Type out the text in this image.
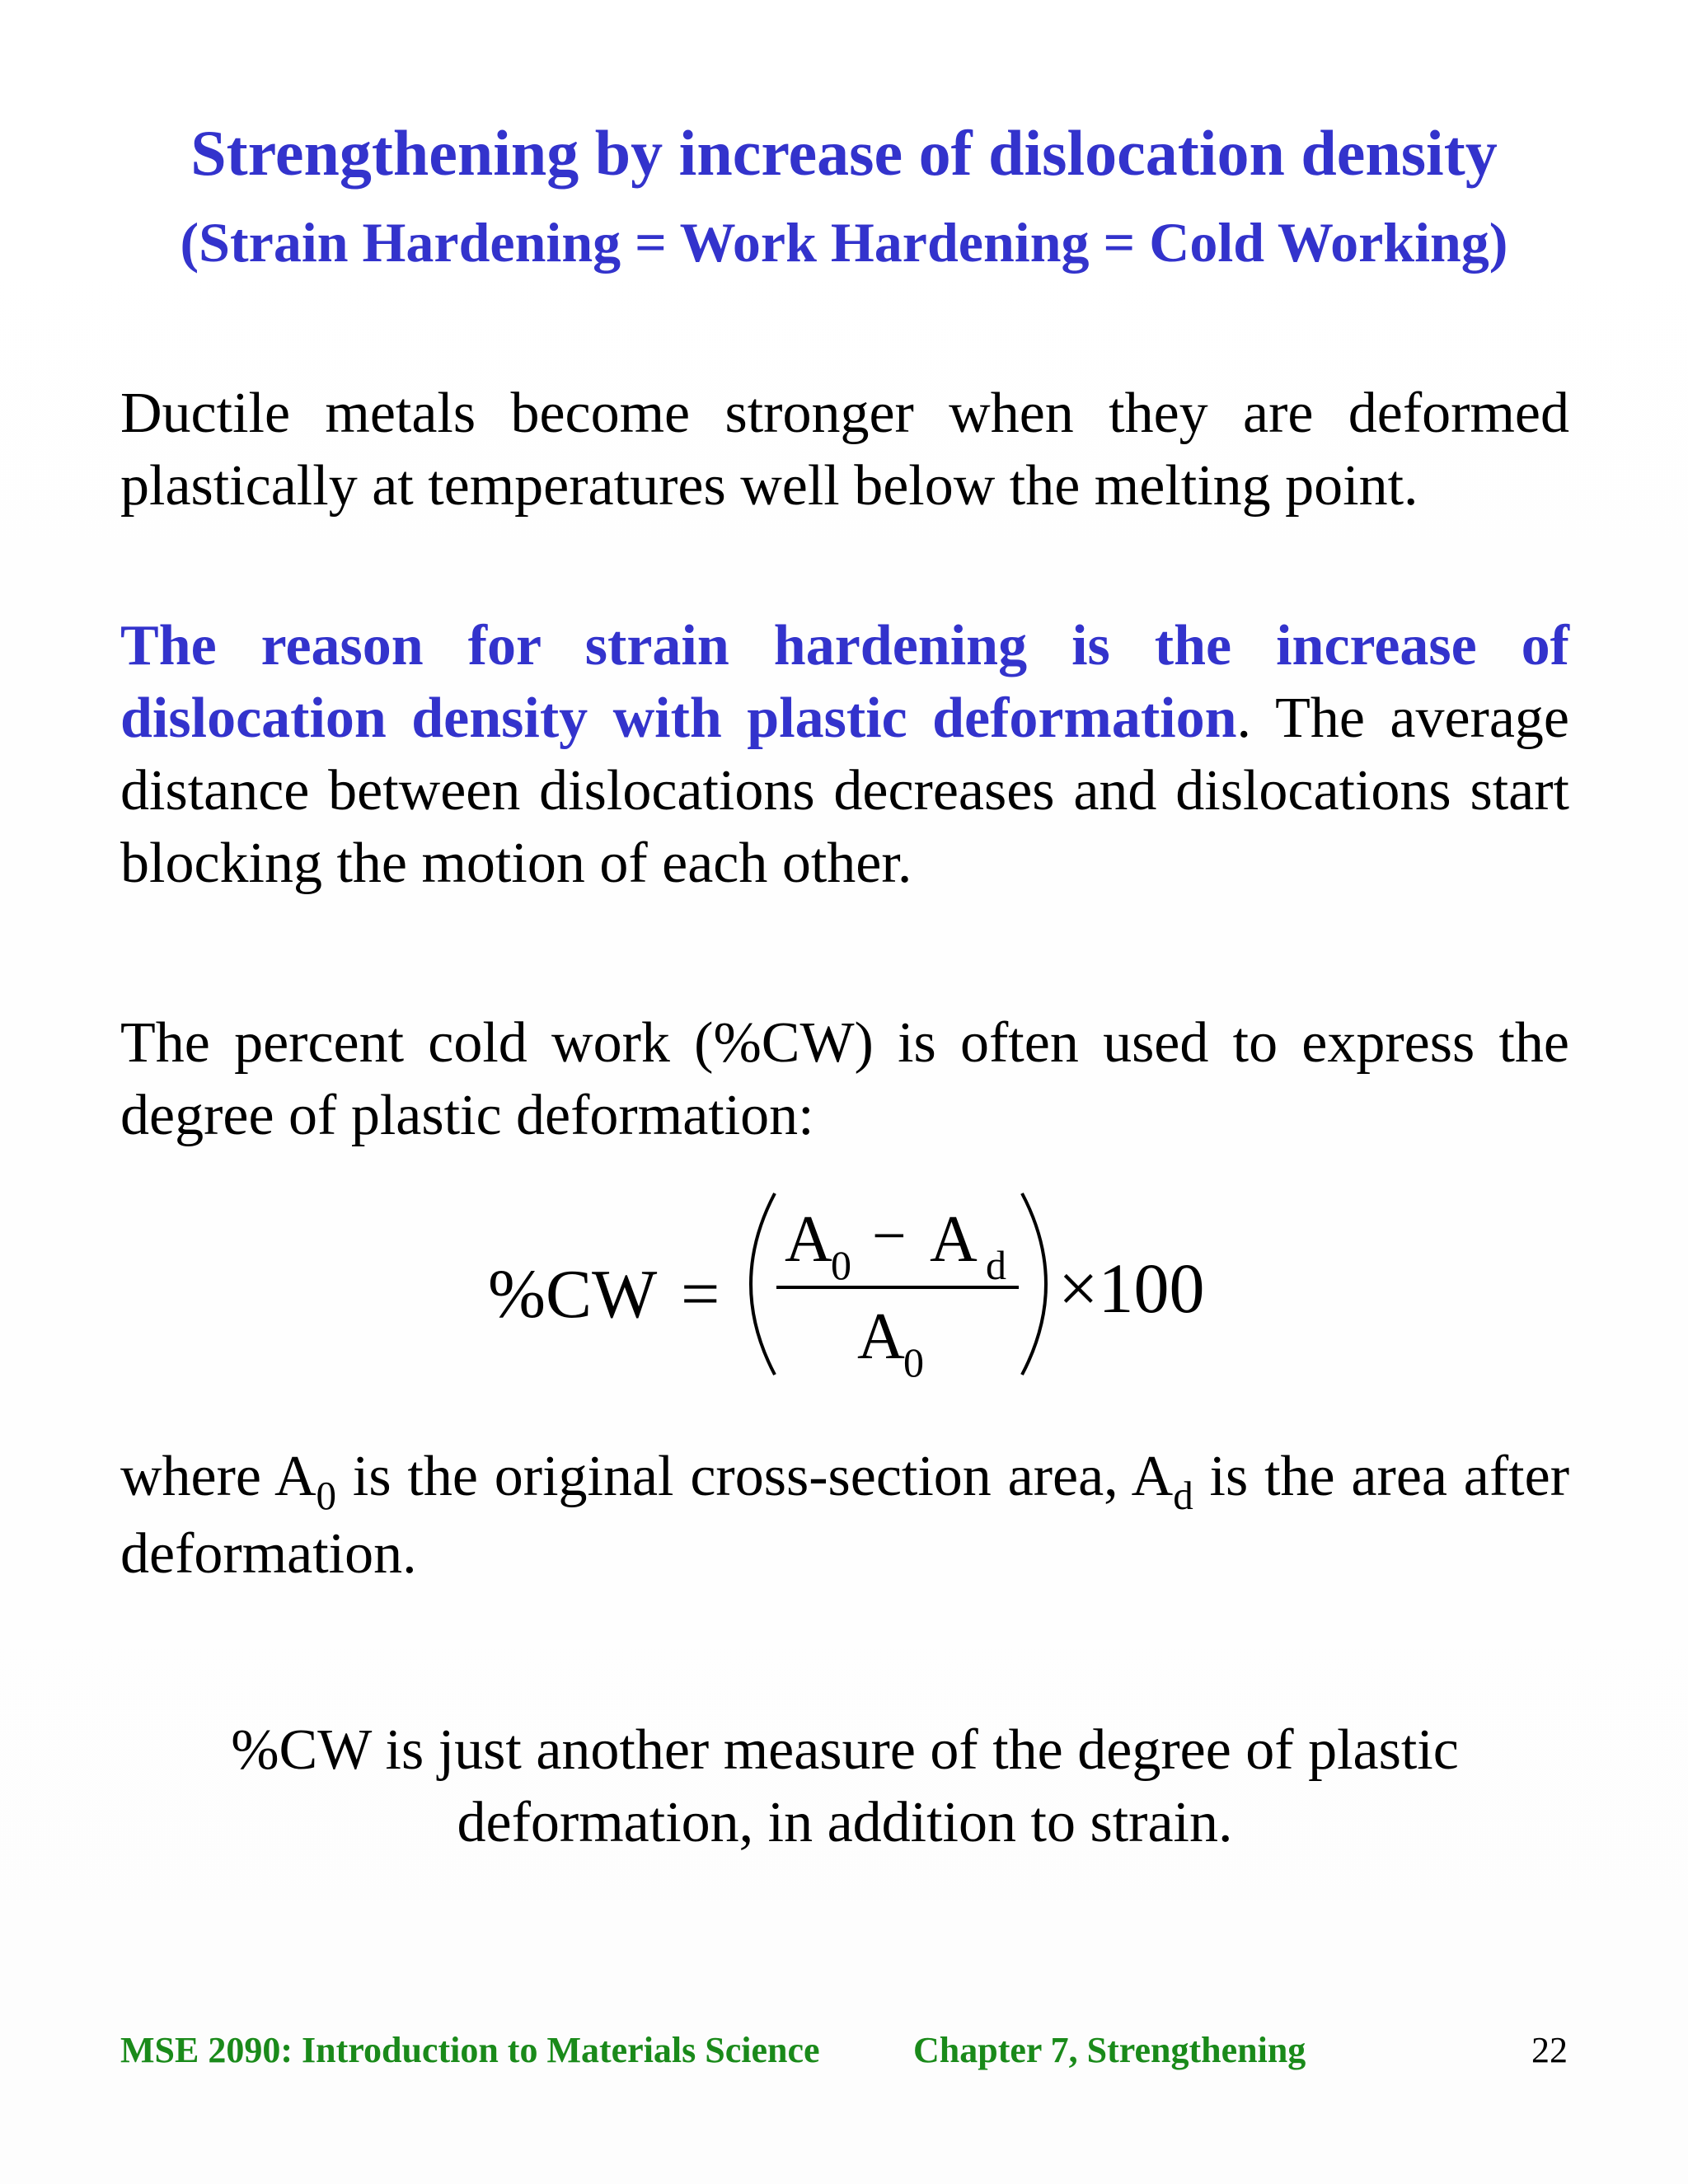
Strengthening by increase of dislocation density
(Strain Hardening = Work Hardening = Cold Working)
Ductile metals become stronger when they are deformed plastically at temperatures well below the melting point.
The reason for strain hardening is the increase of dislocation density with plastic deformation. The average distance between dislocations decreases and dislocations start blocking the motion of each other.
The percent cold work (%CW) is often used to express the degree of plastic deformation:
%CW =
A
0 − A d
A
0
×100
where $A_0$ is the original cross-section area, $A_d$ is the area after deformation.
%CW is just another measure of the degree of plastic deformation, in addition to strain.
MSE 2090: Introduction to Materials Science	Chapter 7, Strengthening	22
